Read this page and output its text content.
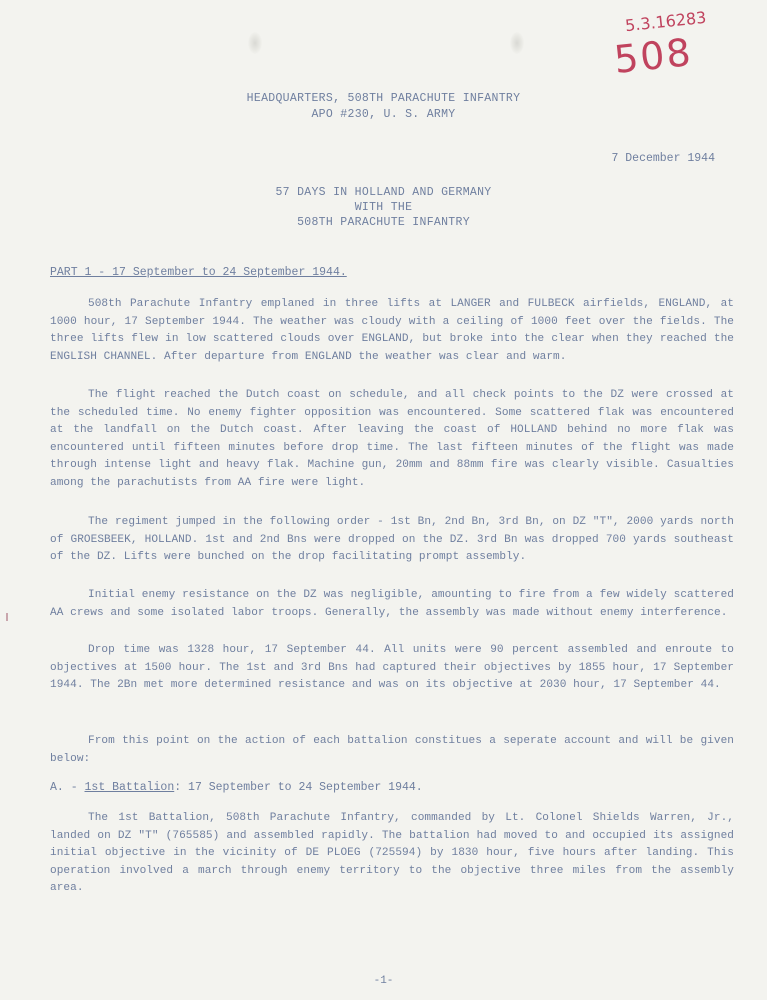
5.3.16283
508
HEADQUARTERS, 508TH PARACHUTE INFANTRY
APO #230, U. S. ARMY
7 December 1944
57 DAYS IN HOLLAND AND GERMANY
WITH THE
508TH PARACHUTE INFANTRY
PART 1 - 17 September to 24 September 1944.

508th Parachute Infantry emplaned in three lifts at LANGER and FULBECK airfields, ENGLAND, at 1000 hour, 17 September 1944. The weather was cloudy with a ceiling of 1000 feet over the fields. The three lifts flew in low scattered clouds over ENGLAND, but broke into the clear when they reached the ENGLISH CHANNEL. After departure from ENGLAND the weather was clear and warm.

The flight reached the Dutch coast on schedule, and all check points to the DZ were crossed at the scheduled time. No enemy fighter opposition was encountered. Some scattered flak was encountered at the landfall on the Dutch coast. After leaving the coast of HOLLAND behind no more flak was encountered until fifteen minutes before drop time. The last fifteen minutes of the flight was made through intense light and heavy flak. Machine gun, 20mm and 88mm fire was clearly visible. Casualties among the parachutists from AA fire were light.

The regiment jumped in the following order - 1st Bn, 2nd Bn, 3rd Bn, on DZ "T", 2000 yards north of GROESBEEK, HOLLAND. 1st and 2nd Bns were dropped on the DZ. 3rd Bn was dropped 700 yards southeast of the DZ. Lifts were bunched on the drop facilitating prompt assembly.

Initial enemy resistance on the DZ was negligible, amounting to fire from a few widely scattered AA crews and some isolated labor troops. Generally, the assembly was made without enemy interference.

Drop time was 1328 hour, 17 September 44. All units were 90 percent assembled and enroute to objectives at 1500 hour. The 1st and 3rd Bns had captured their objectives by 1855 hour, 17 September 1944. The 2Bn met more determined resistance and was on its objective at 2030 hour, 17 September 44.

From this point on the action of each battalion constitues a seperate account and will be given below:

A. - 1st Battalion: 17 September to 24 September 1944.

The 1st Battalion, 508th Parachute Infantry, commanded by Lt. Colonel Shields Warren, Jr., landed on DZ "T" (765585) and assembled rapidly. The battalion had moved to and occupied its assigned initial objective in the vicinity of DE PLOEG (725594) by 1830 hour, five hours after landing. This operation involved a march through enemy territory to the objective three miles from the assembly area.

-1-
